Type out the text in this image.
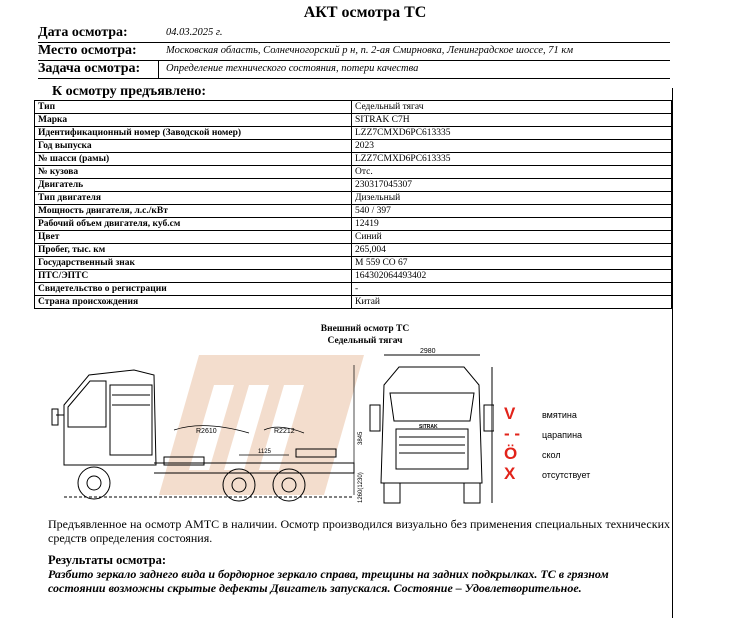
АКТ осмотра ТС
Дата осмотра:	04.03.2025 г.
Место осмотра:	Московская область, Солнечногорский р н, п. 2-ая Смирновка, Ленинградское шоссе, 71 км
Задача осмотра: Определение технического состояния, потери качества
К осмотру предъявлено:
Тип	Седельный тягач
Марка	SITRAK C7H
Идентификационный номер (Заводской номер)	LZZ7CMXD6PC613335
Год выпуска	2023
№ шасси (рамы)	LZZ7CMXD6PC613335
№ кузова	Отс.
Двигатель	230317045307
Тип двигателя	Дизельный
Мощность двигателя, л.с./кВт	540 / 397
Рабочий объем двигателя, куб.см	12419
Цвет	Синий
Пробег, тыс. км	265,004
Государственный знак	М 559 СО 67
ПТС/ЭПТС	164302064493402
Свидетельство о регистрации	-
Страна происхождения	Китай
Внешний осмотр ТС
Седельный тягач
R2610	R2212
1125
2980
SITRAK
3845
1260(1230)
V	вмятина
- - царапина
Ö	скол
X	отсутствует
Предъявленное на осмотр АМТС в наличии. Осмотр производился визуально без применения специальных технических средств определения состояния.
Результаты осмотра:
Разбито зеркало заднего вида и бордюрное зеркало справа, трещины на задних подкрылках. ТС в грязном состоянии возможны скрытые дефекты Двигатель запускался. Состояние – Удовлетворительное.
